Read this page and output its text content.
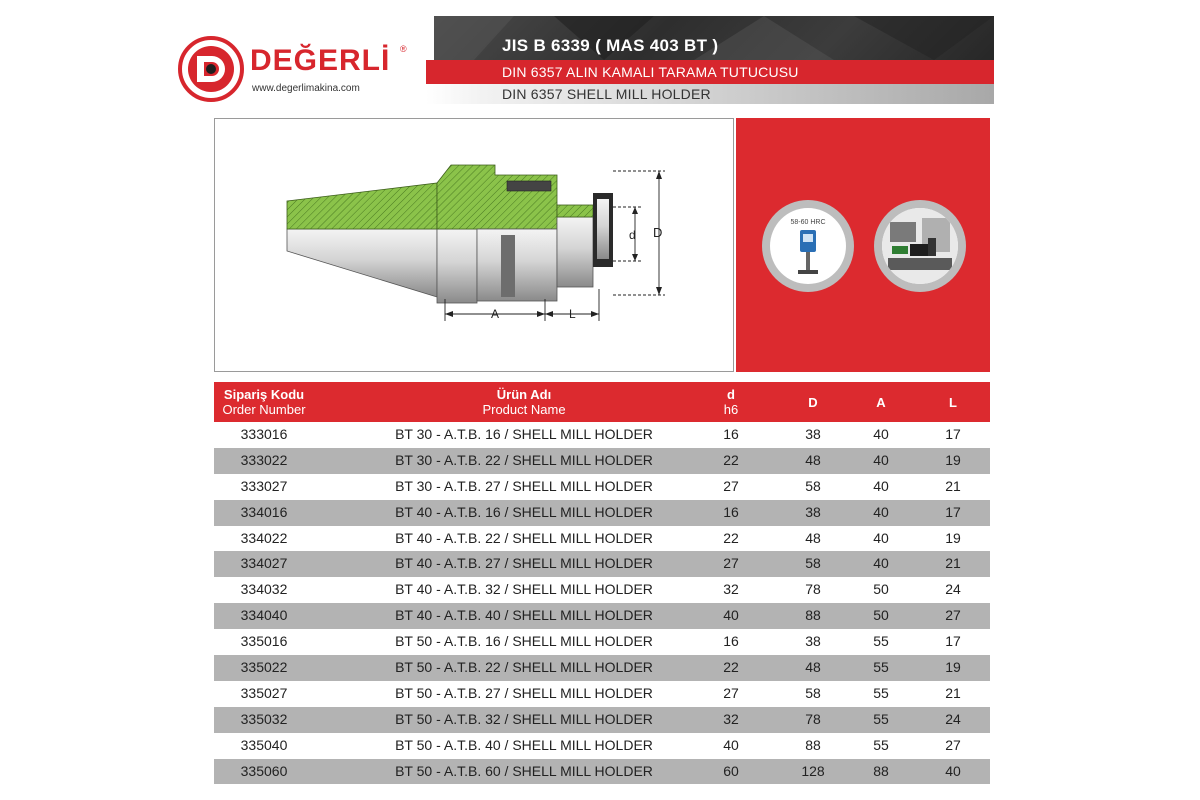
DEĞERLİ ®
www.degerlimakina.com
JIS B 6339 ( MAS 403 BT )
DIN 6357 ALIN KAMALI TARAMA TUTUCUSU
DIN 6357 SHELL MILL HOLDER
D
d
A	L
58-60 HRC
Sipariş Kodu
Order Number
Ürün Adı
Product Name
d
h6	D	A	L
333016	BT 30 - A.T.B. 16 / SHELL MILL HOLDER	16	38	40	17
333022	BT 30 - A.T.B. 22 / SHELL MILL HOLDER	22	48	40	19
333027	BT 30 - A.T.B. 27 / SHELL MILL HOLDER	27	58	40	21
334016	BT 40 - A.T.B. 16 / SHELL MILL HOLDER	16	38	40	17
334022	BT 40 - A.T.B. 22 / SHELL MILL HOLDER	22	48	40	19
334027	BT 40 - A.T.B. 27 / SHELL MILL HOLDER	27	58	40	21
334032	BT 40 - A.T.B. 32 / SHELL MILL HOLDER	32	78	50	24
334040	BT 40 - A.T.B. 40 / SHELL MILL HOLDER	40	88	50	27
335016	BT 50 - A.T.B. 16 / SHELL MILL HOLDER	16	38	55	17
335022	BT 50 - A.T.B. 22 / SHELL MILL HOLDER	22	48	55	19
335027	BT 50 - A.T.B. 27 / SHELL MILL HOLDER	27	58	55	21
335032	BT 50 - A.T.B. 32 / SHELL MILL HOLDER	32	78	55	24
335040	BT 50 - A.T.B. 40 / SHELL MILL HOLDER	40	88	55	27
335060	BT 50 - A.T.B. 60 / SHELL MILL HOLDER	60	128	88	40
